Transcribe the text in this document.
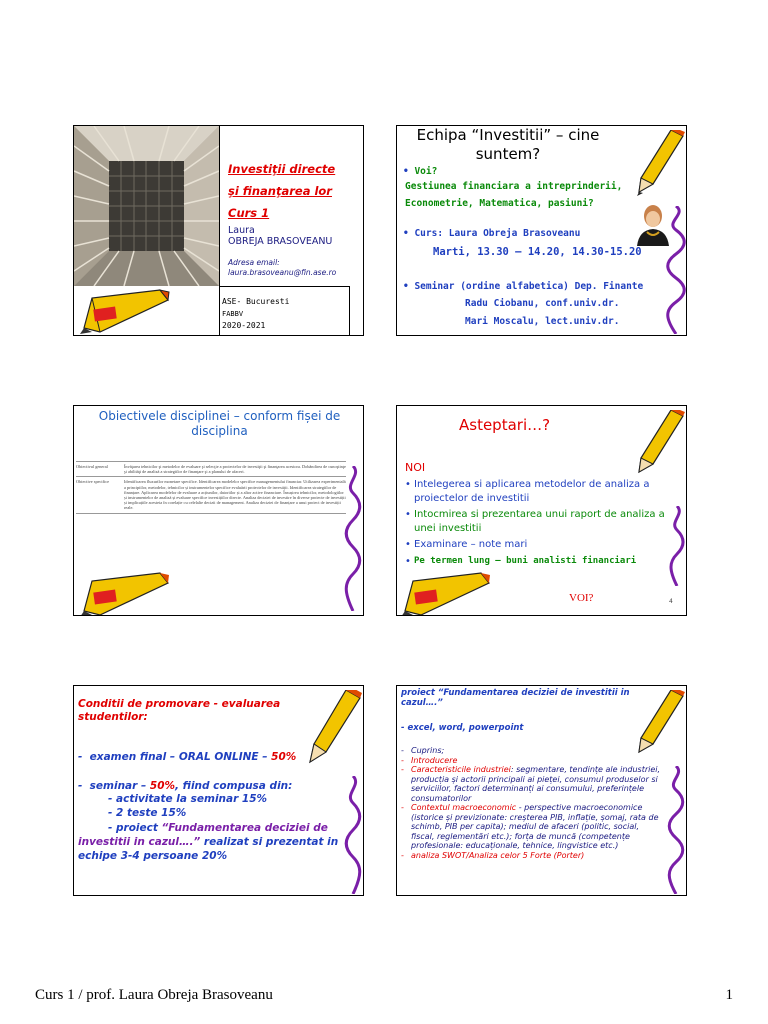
Investiţii directe
şi finanţarea lor
Curs 1
Laura
OBREJA BRASOVEANU
Adresa email:
laura.brasoveanu@fin.ase.ro
ASE- Bucuresti
FABBV
2020-2021
Echipa “Investitii” – cine suntem?
• Voi?
Gestiunea financiara a intreprinderii,
Econometrie, Matematica, pasiuni?
• Curs: Laura Obreja Brasoveanu
Marti, 13.30 – 14.20, 14.30-15.20
• Seminar (ordine alfabetica) Dep. Finante
Radu Ciobanu, conf.univ.dr.
Mari Moscalu, lect.univ.dr.
Obiectivele disciplinei – conform fișei de disciplina
Obiectivul general	Învăţarea tehnicilor şi metodelor de evaluare şi selecţie a proiectelor de investiţii şi finanţarea acestora. Dobândirea de cunoştinţe şi abilităţi de analiză a strategiilor de finanţare şi a planului de afaceri.
Obiective specifice	Identificarea fluxurilor monetare specifice. Identificarea modelelor specifice managementului financiar. Utilizarea experimentală a principiilor, metodelor, tehnicilor și instrumentelor specifice evaluării proiectelor de investiții. Identificarea strategiilor de finanțare. Aplicarea modelelor de evaluare a acțiunilor, datoriilor și a altor active financiare. Însușirea tehnicilor, metodologiilor și instrumentelor de analiză și evaluare specifice investițiilor directe. Analiza deciziei de investire în diverse proiecte de investiții și implicațiile acesteia în corelație cu celelalte decizii de management. Analiza deciziei de finanțare a unui proiect de investiții reale.
Asteptari…?
NOI
• Intelegerea si aplicarea metodelor de analiza a proiectelor de investitii
• Intocmirea si prezentarea unui raport de analiza a unei investitii
• Examinare – note mari
• Pe termen lung – buni analisti financiari
VOI?	4
Conditii de promovare - evaluarea studentilor:
-  examen final – ORAL ONLINE – 50%
-  seminar – 50%, fiind compusa din:
- activitate la seminar 15%
- 2 teste 15%
- proiect “Fundamentarea deciziei de investitii in cazul….” realizat si prezentat in echipe 3-4 persoane 20%
proiect “Fundamentarea deciziei de investitii in cazul….”
- excel, word, powerpoint
- Cuprins;
- Introducere
- Caracteristicile industriei: segmentare, tendințe ale industriei, producția și actorii principali ai pieței, consumul produselor si serviciilor, factori determinanți ai consumului, preferințele consumatorilor
- Contextul macroeconomic - perspective macroeconomice (istorice și previzionate: creșterea PIB, inflație, șomaj, rata de schimb, PIB per capita); mediul de afaceri (politic, social, fiscal, reglementări etc.); forța de muncă (competențe profesionale: educaționale, tehnice, lingvistice etc.)
- analiza SWOT/Analiza celor 5 Forte (Porter)
Curs 1 / prof. Laura Obreja Brasoveanu	1
